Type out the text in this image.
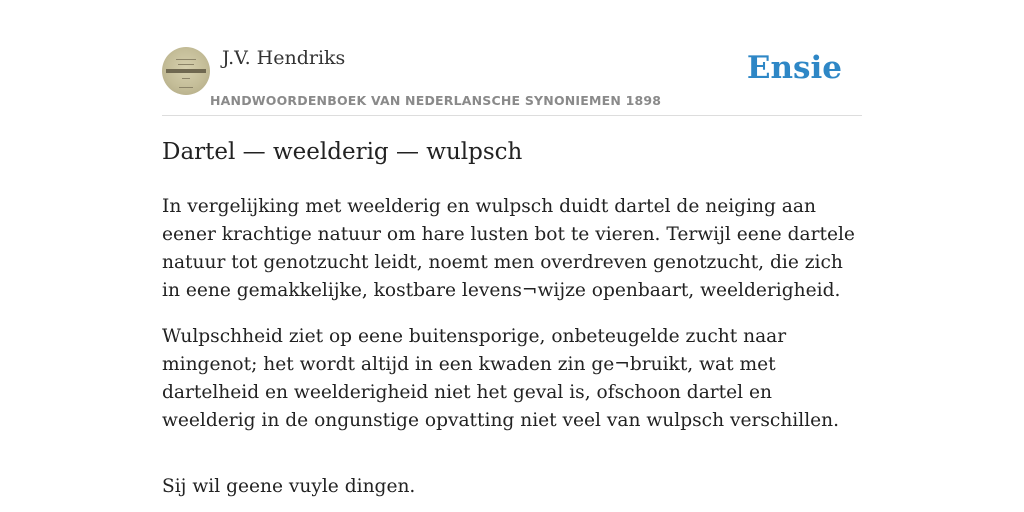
J.V. Hendriks
HANDWOORDENBOEK VAN NEDERLANSCHE SYNONIEMEN 1898
Ensie
Dartel — weelderig — wulpsch

In vergelijking met weelderig en wulpsch duidt dartel de neiging aan eener krachtige natuur om hare lusten bot te vieren. Terwijl eene dartele natuur tot genotzucht leidt, noemt men overdreven genotzucht, die zich in eene gemakkelijke, kostbare levens¬wijze openbaart, weelderigheid.

Wulpschheid ziet op eene buitensporige, onbeteugelde zucht naar mingenot; het wordt altijd in een kwaden zin ge¬bruikt, wat met dartelheid en weelderigheid niet het geval is, ofschoon dartel en weelderig in de ongunstige opvatting niet veel van wulpsch verschillen.

Sij wil geene vuyle dingen.
